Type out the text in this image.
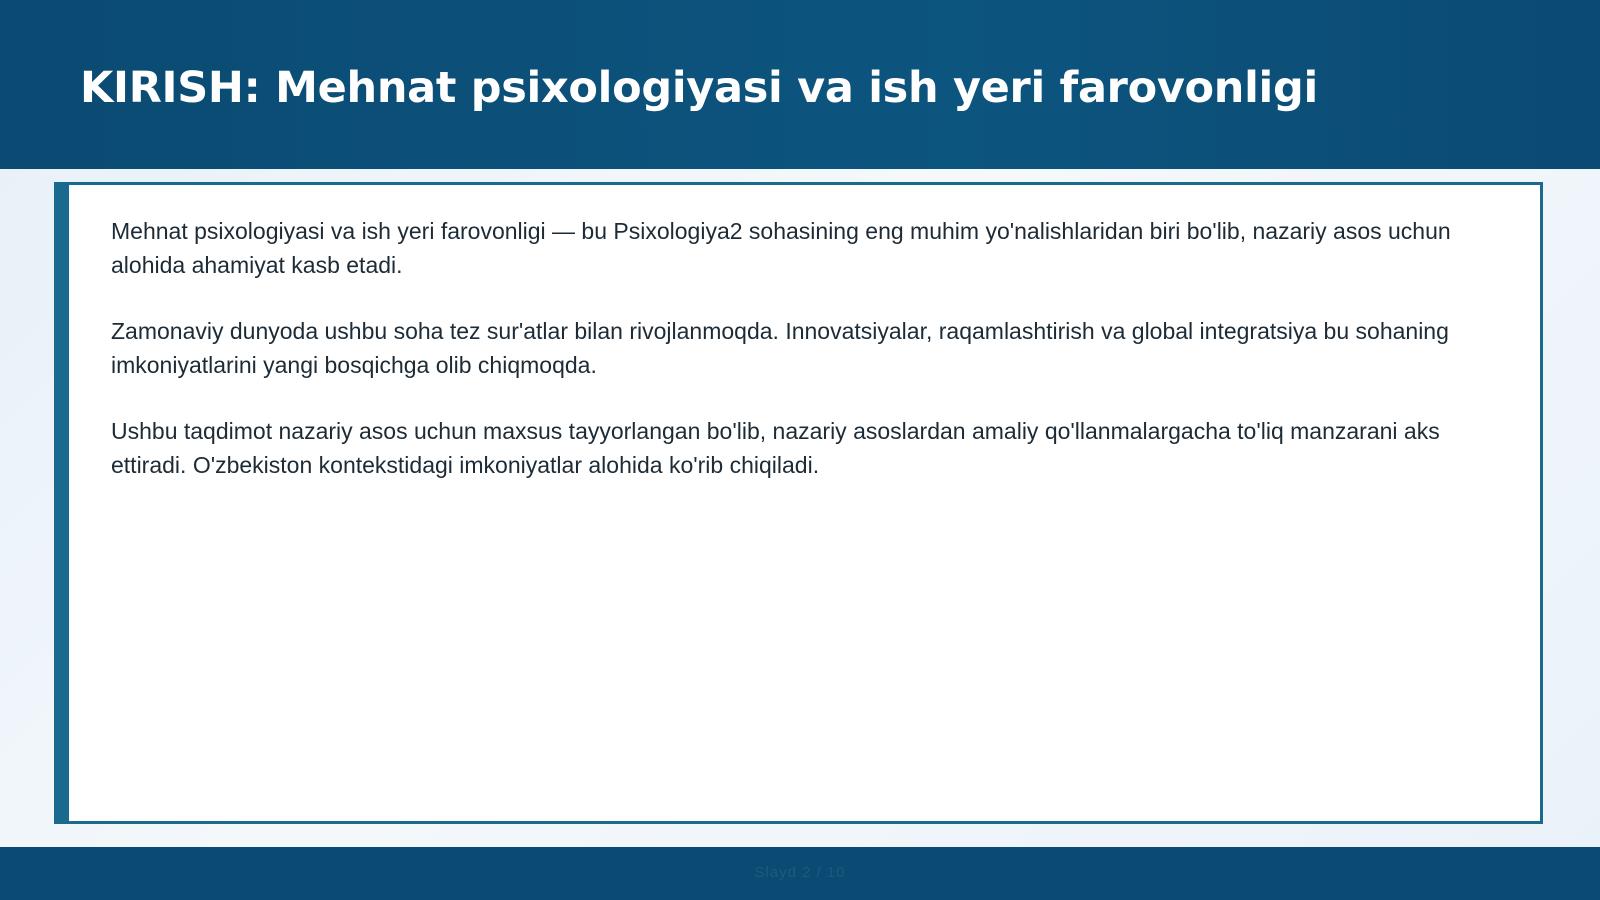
KIRISH: Mehnat psixologiyasi va ish yeri farovonligi

Mehnat psixologiyasi va ish yeri farovonligi — bu Psixologiya2 sohasining eng muhim yo'nalishlaridan biri bo'lib, nazariy asos uchun alohida ahamiyat kasb etadi.

Zamonaviy dunyoda ushbu soha tez sur'atlar bilan rivojlanmoqda. Innovatsiyalar, raqamlashtirish va global integratsiya bu sohaning imkoniyatlarini yangi bosqichga olib chiqmoqda.

Ushbu taqdimot nazariy asos uchun maxsus tayyorlangan bo'lib, nazariy asoslardan amaliy qo'llanmalargacha to'liq manzarani aks ettiradi. O'zbekiston kontekstidagi imkoniyatlar alohida ko'rib chiqiladi.

Slayd 2 / 10
